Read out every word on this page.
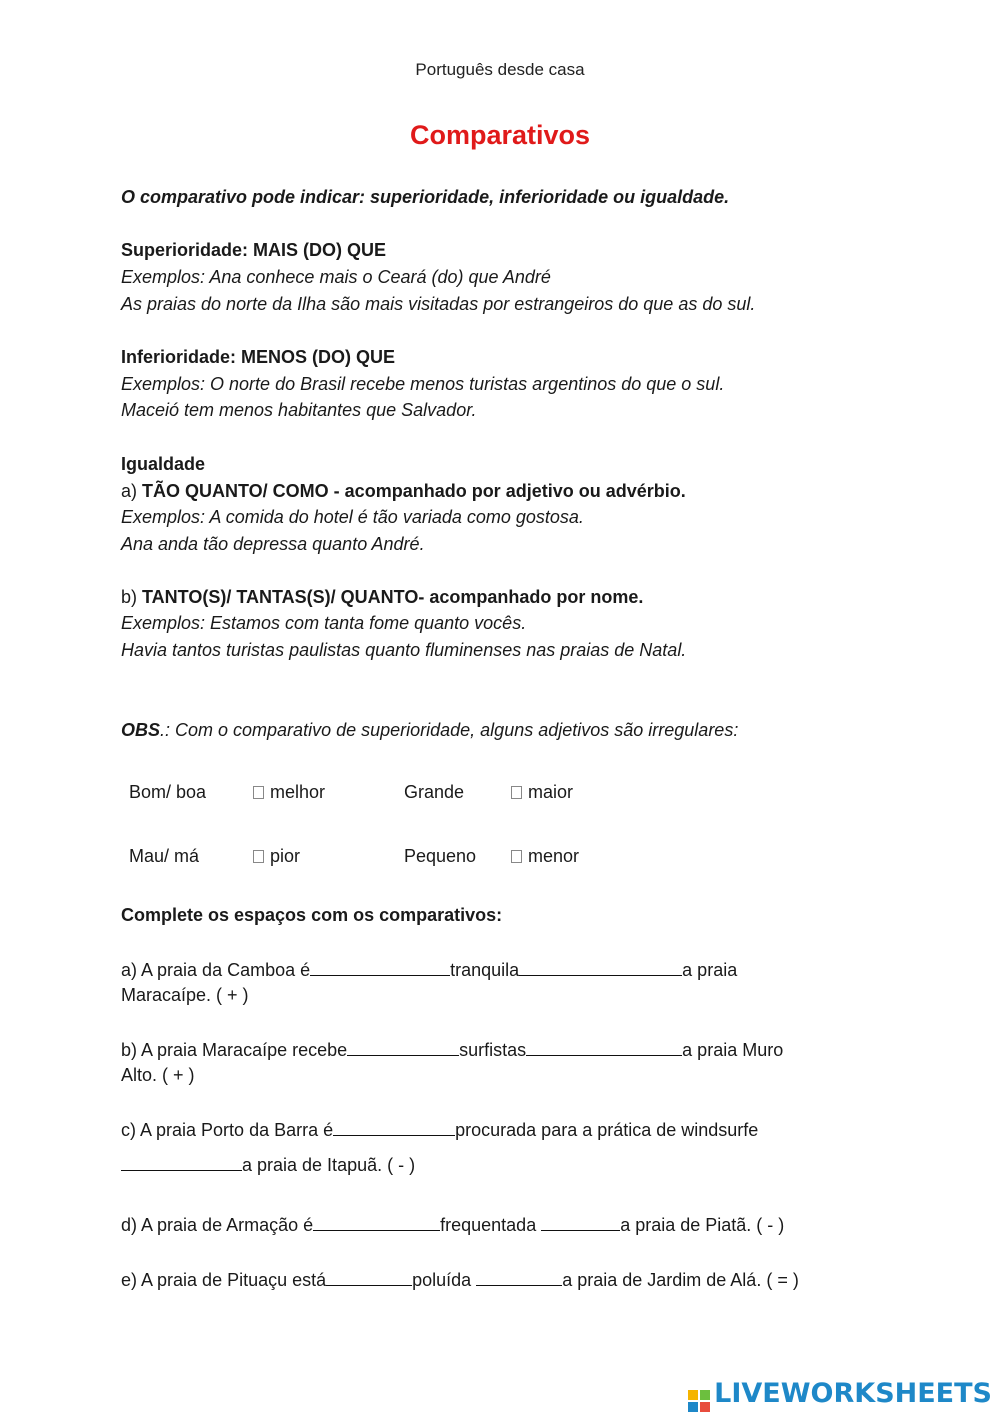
Português desde casa
Comparativos
O comparativo pode indicar: superioridade, inferioridade ou igualdade.
Superioridade: MAIS (DO) QUE
Exemplos: Ana conhece mais o Ceará (do) que André
As praias do norte da Ilha são mais visitadas por estrangeiros do que as do sul.
Inferioridade: MENOS (DO) QUE
Exemplos: O norte do Brasil recebe menos turistas argentinos do que o sul.
Maceió tem menos habitantes que Salvador.
Igualdade
a) TÃO QUANTO/ COMO - acompanhado por adjetivo ou advérbio.
Exemplos: A comida do hotel é tão variada como gostosa.
Ana anda tão depressa quanto André.
b) TANTO(S)/ TANTAS(S)/ QUANTO- acompanhado por nome.
Exemplos: Estamos com tanta fome quanto vocês.
Havia tantos turistas paulistas quanto fluminenses nas praias de Natal.
OBS.: Com o comparativo de superioridade, alguns adjetivos são irregulares:
Bom/ boa	melhor	Grande	maior
Mau/ má	pior	Pequeno	menor
Complete os espaços com os comparativos:
a) A praia da Camboa é	tranquila	a praia
Maracaípe. ( + )
b) A praia Maracaípe recebe	surfistas	a praia Muro
Alto. ( + )
c) A praia Porto da Barra é	procurada para a prática de windsurfe
a praia de Itapuã. ( - )
d) A praia de Armação é	frequentada	a praia de Piatã. ( - )
e) A praia de Pituaçu está	poluída	a praia de Jardim de Alá. ( = )
LIVEWORKSHEETS
